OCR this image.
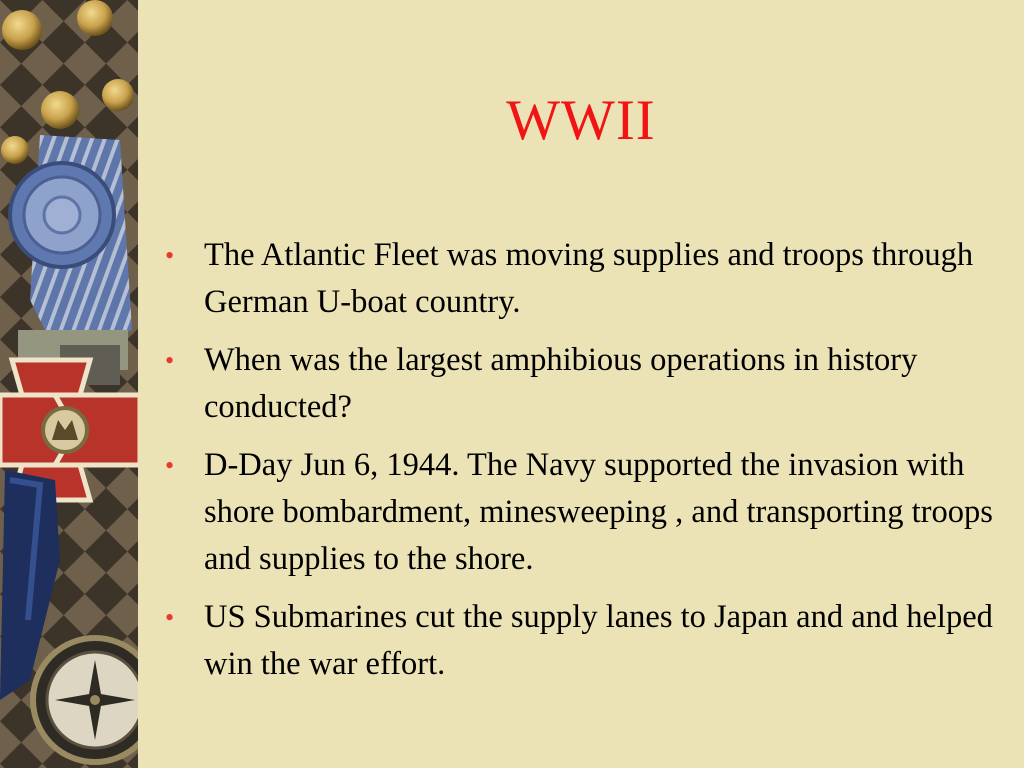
WWII
• The Atlantic Fleet was moving supplies and troops through German U-boat country.
• When was the largest amphibious operations in history conducted?
• D-Day Jun 6, 1944. The Navy supported the invasion with shore bombardment, minesweeping , and transporting troops and supplies to the shore.
• US Submarines cut the supply lanes to Japan and and helped win the war effort.
